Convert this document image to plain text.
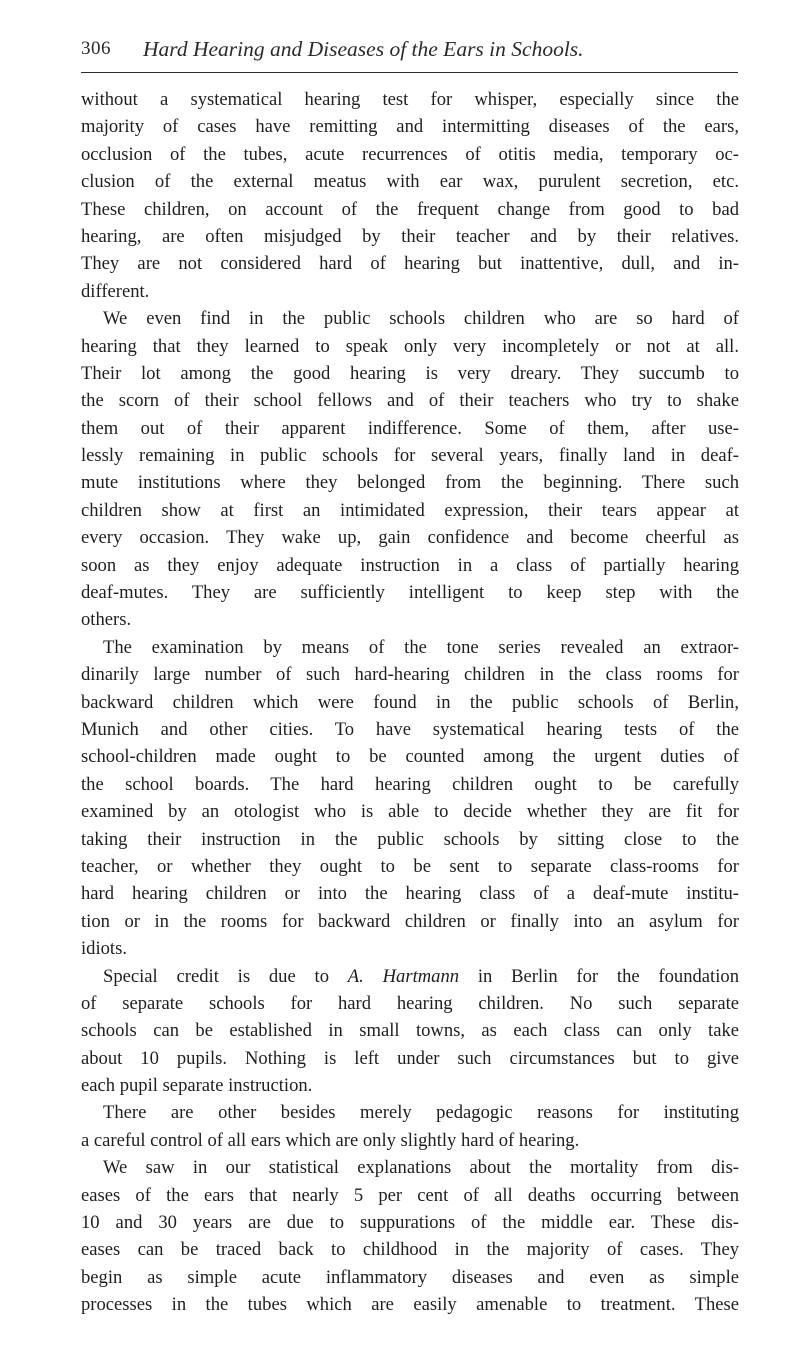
306 Hard Hearing and Diseases of the Ears in Schools.
without a systematical hearing test for whisper, especially since the
majority of cases have remitting and intermitting diseases of the ears,
occlusion of the tubes, acute recurrences of otitis media, temporary oc-
clusion of the external meatus with ear wax, purulent secretion, etc.
These children, on account of the frequent change from good to bad
hearing, are often misjudged by their teacher and by their relatives.
They are not considered hard of hearing but inattentive, dull, and in-
different.
We even find in the public schools children who are so hard of
hearing that they learned to speak only very incompletely or not at all.
Their lot among the good hearing is very dreary. They succumb to
the scorn of their school fellows and of their teachers who try to shake
them out of their apparent indifference. Some of them, after use-
lessly remaining in public schools for several years, finally land in deaf-
mute institutions where they belonged from the beginning. There such
children show at first an intimidated expression, their tears appear at
every occasion. They wake up, gain confidence and become cheerful as
soon as they enjoy adequate instruction in a class of partially hearing
deaf-mutes. They are sufficiently intelligent to keep step with the
others.
The examination by means of the tone series revealed an extraor-
dinarily large number of such hard-hearing children in the class rooms for
backward children which were found in the public schools of Berlin,
Munich and other cities. To have systematical hearing tests of the
school-children made ought to be counted among the urgent duties of
the school boards. The hard hearing children ought to be carefully
examined by an otologist who is able to decide whether they are fit for
taking their instruction in the public schools by sitting close to the
teacher, or whether they ought to be sent to separate class-rooms for
hard hearing children or into the hearing class of a deaf-mute institu-
tion or in the rooms for backward children or finally into an asylum for
idiots.
Special credit is due to A. Hartmann in Berlin for the foundation
of separate schools for hard hearing children. No such separate
schools can be established in small towns, as each class can only take
about 10 pupils. Nothing is left under such circumstances but to give
each pupil separate instruction.
There are other besides merely pedagogic reasons for instituting
a careful control of all ears which are only slightly hard of hearing.
We saw in our statistical explanations about the mortality from dis-
eases of the ears that nearly 5 per cent of all deaths occurring between
10 and 30 years are due to suppurations of the middle ear. These dis-
eases can be traced back to childhood in the majority of cases. They
begin as simple acute inflammatory diseases and even as simple
processes in the tubes which are easily amenable to treatment. These
